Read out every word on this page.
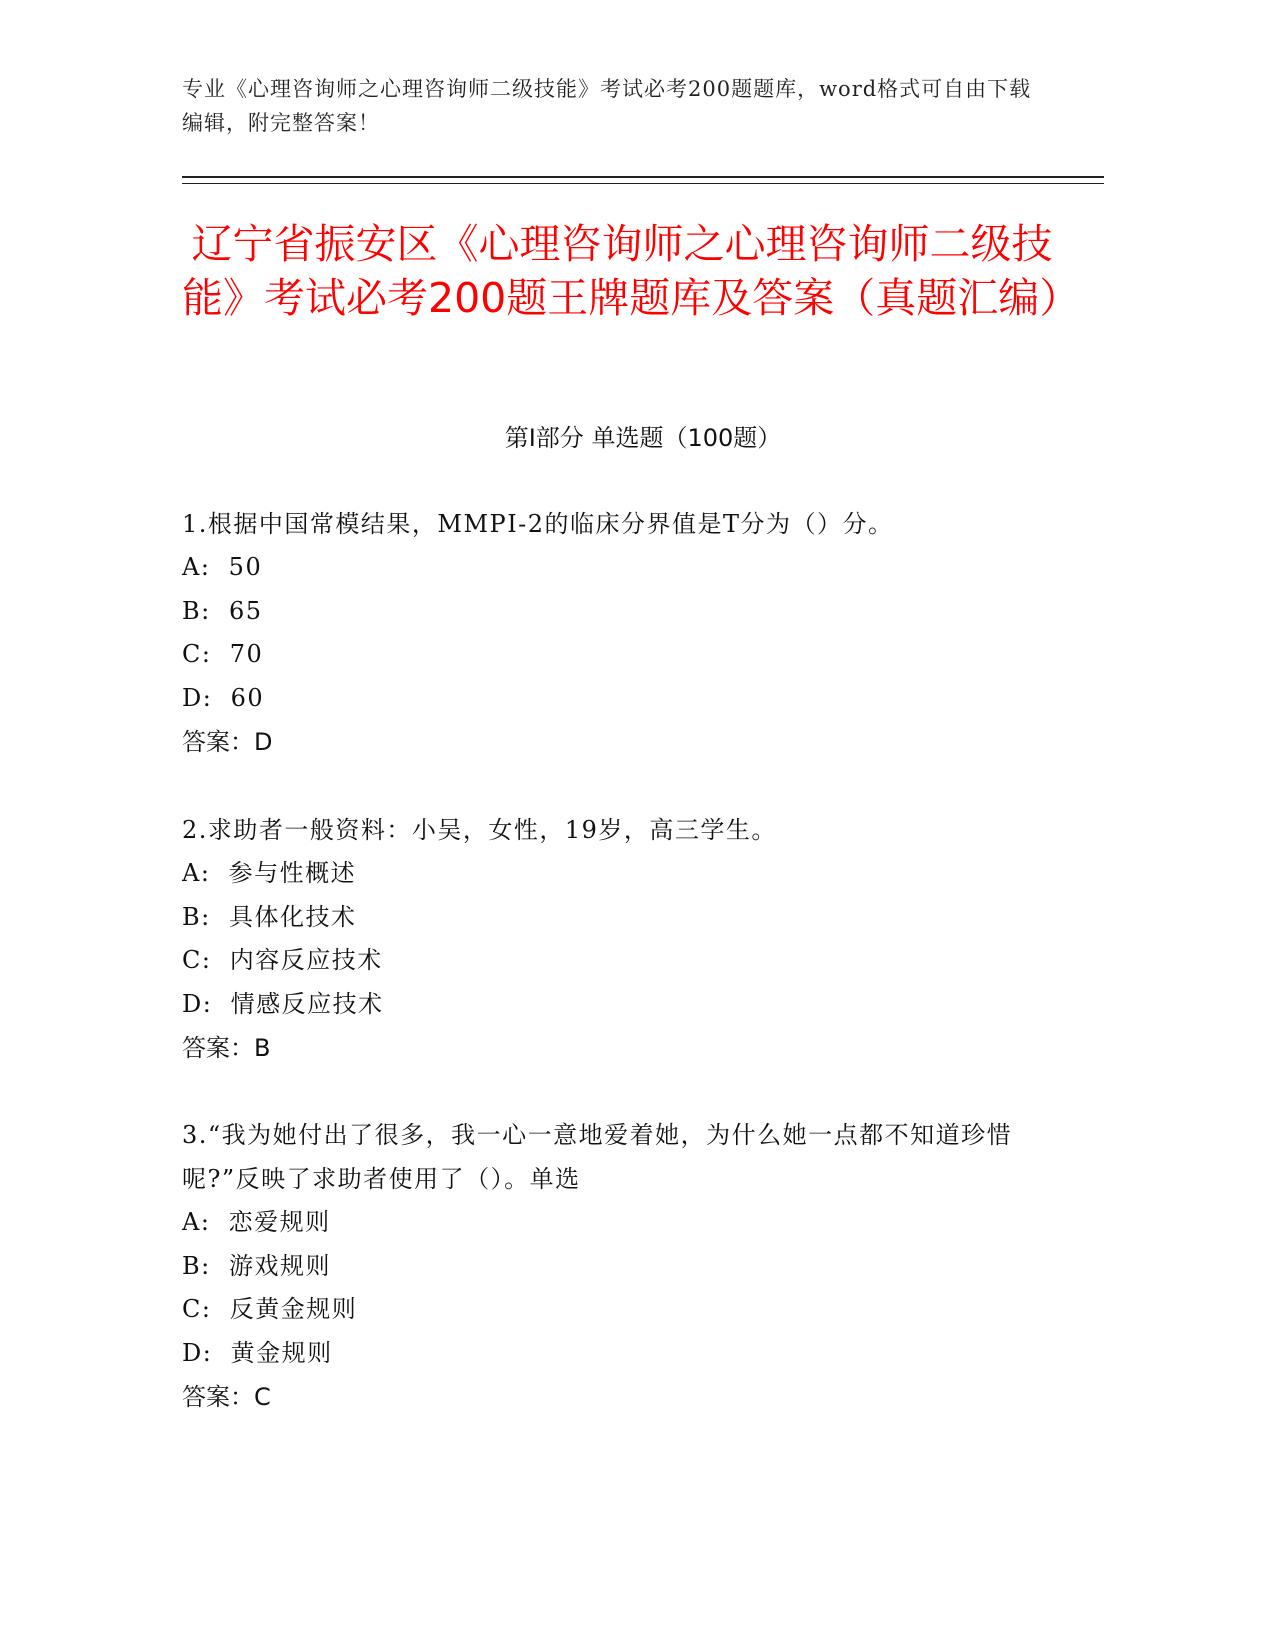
专业《心理咨询师之心理咨询师二级技能》考试必考200题题库，word格式可自由下载编辑，附完整答案！
辽宁省振安区《心理咨询师之心理咨询师二级技能》考试必考200题王牌题库及答案（真题汇编）
第I部分 单选题（100题）
1.根据中国常模结果，MMPI-2的临床分界值是T分为（）分。
A:  50
B:  65
C:  70
D:  60
答案：D
2.求助者一般资料：小吴，女性，19岁，高三学生。
A:  参与性概述
B:  具体化技术
C:  内容反应技术
D:  情感反应技术
答案：B
3.“我为她付出了很多，我一心一意地爱着她，为什么她一点都不知道珍惜呢?”反映了求助者使用了（）。单选
A:  恋爱规则
B:  游戏规则
C:  反黄金规则
D:  黄金规则
答案：C
